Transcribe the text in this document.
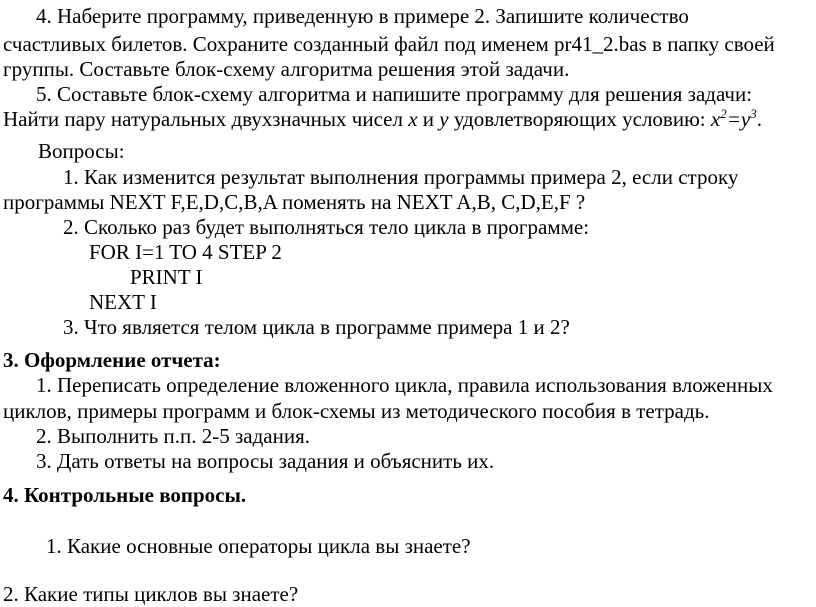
4. Наберите программу, приведенную в примере 2. Запишите количество
счастливых билетов. Сохраните созданный файл под именем pr41_2.bas в папку своей
группы. Составьте блок-схему алгоритма решения этой задачи.
5. Составьте блок-схему алгоритма и напишите программу для решения задачи:
Найти пару натуральных двухзначных чисел x и y удовлетворяющих условию: $x^2=y^3$.
Вопросы:
1. Как изменится результат выполнения программы примера 2, если строку
программы NEXT F,E,D,C,B,A поменять на NEXT A,B, C,D,E,F ?
2. Сколько раз будет выполняться тело цикла в программе:
FOR I=1 TO 4 STEP 2
PRINT I
NEXT I
3. Что является телом цикла в программе примера 1 и 2?
3. Оформление отчета:
1. Переписать определение вложенного цикла, правила использования вложенных
циклов, примеры программ и блок-схемы из методического пособия в тетрадь.
2. Выполнить п.п. 2-5 задания.
3. Дать ответы на вопросы задания и объяснить их.
4. Контрольные вопросы.
1. Какие основные операторы цикла вы знаете?
2. Какие типы циклов вы знаете?
